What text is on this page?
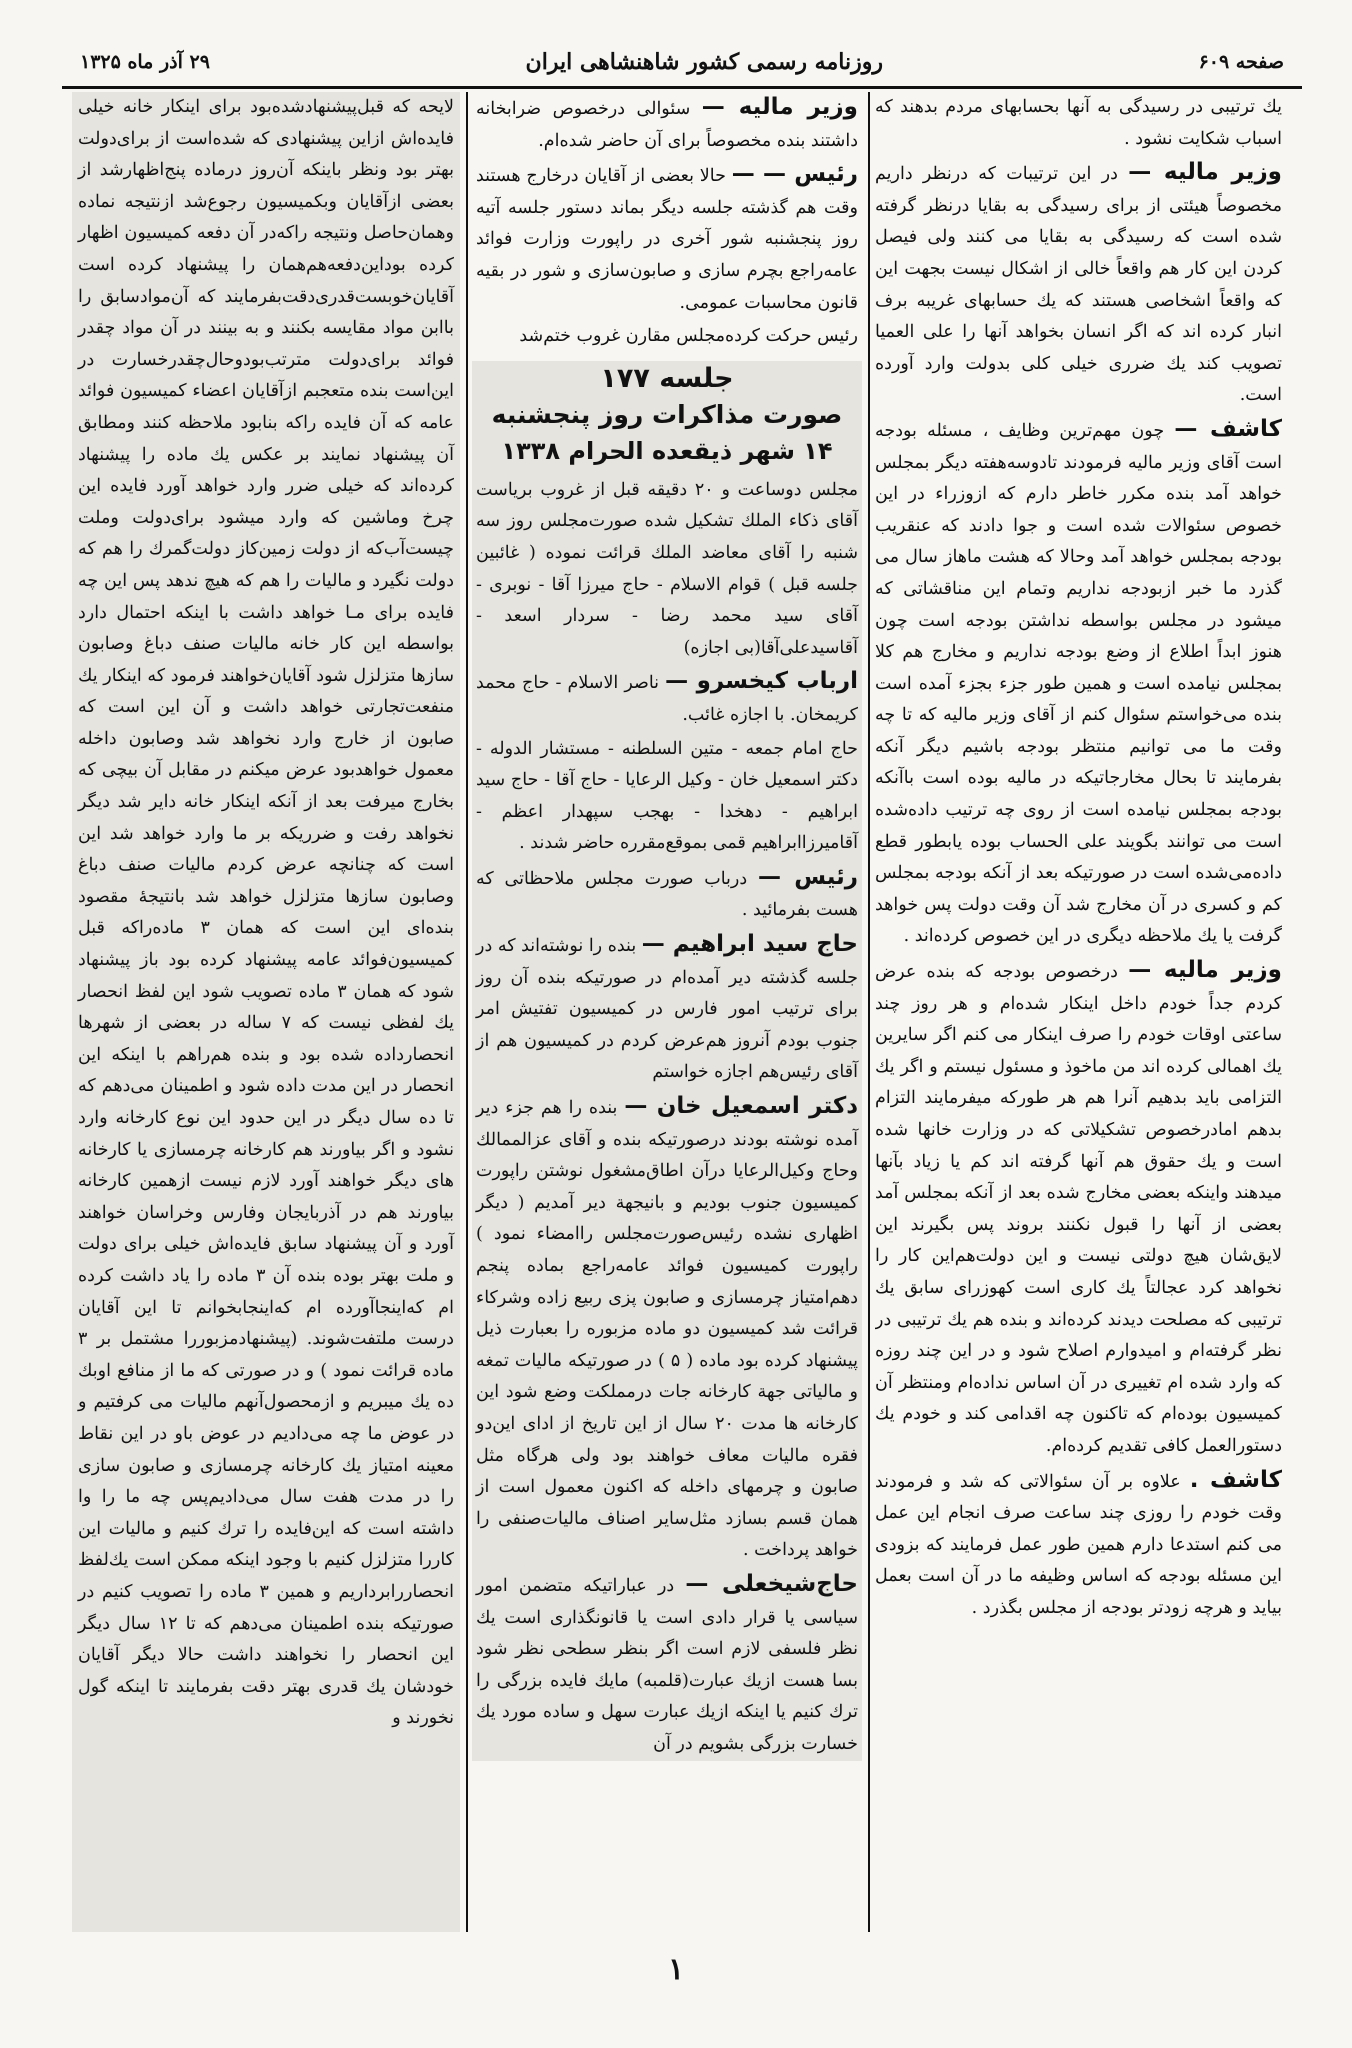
صفحه ۶۰۹
روزنامه رسمی کشور شاهنشاهی ایران
۲۹ آذر ماه ۱۳۲۵

یك ترتیبی در رسیدگی به آنها بحسابهای مردم بدهند که اسباب شکایت نشود .

وزیر مالیه — در این ترتیبات که درنظر داریم مخصوصاً هیئتی از برای رسیدگی به بقایا درنظر گرفته شده است که رسیدگی به بقایا می کنند ولی فیصل کردن این کار هم واقعاً خالی از اشکال نیست بجهت این که واقعاً اشخاصی هستند که یك حسابهای غریبه برف انبار کرده اند که اگر انسان بخواهد آنها را علی العمیا تصویب کند یك ضرری خیلی کلی بدولت وارد آورده است.

کاشف — چون مهم‌ترین وظایف ، مسئله بودجه است آقای وزیر مالیه فرمودند تادوسه‌هفته دیگر بمجلس خواهد آمد بنده مکرر خاطر دارم که ازوزراء در این خصوص سئوالات شده است و جوا دادند که عنقریب بودجه بمجلس خواهد آمد وحالا که هشت ماهاز سال می گذرد ما خبر ازبودجه نداریم وتمام این مناقشاتی که میشود در مجلس بواسطه نداشتن بودجه است چون هنوز ابداً اطلاع از وضع بودجه نداریم و مخارج هم کلا بمجلس نیامده است و همین طور جزء بجزء آمده است بنده می‌خواستم سئوال کنم از آقای وزیر مالیه که تا چه وقت ما می توانیم منتظر بودجه باشیم دیگر آنکه بفرمایند تا بحال مخارجاتیکه در مالیه بوده است باآنکه بودجه بمجلس نیامده است از روی چه ترتیب داده‌شده است می توانند بگویند علی الحساب بوده یابطور قطع داده‌می‌شده است در صورتیکه بعد از آنکه بودجه بمجلس کم و کسری در آن مخارج شد آن وقت دولت پس خواهد گرفت یا یك ملاحظه دیگری در این خصوص کرده‌اند .

وزیر مالیه — درخصوص بودجه که بنده عرض کردم جداً خودم داخل اینکار شده‌ام و هر روز چند ساعتی اوقات خودم را صرف اینکار می کنم اگر سایرین یك اهمالی کرده اند من ماخوذ و مسئول نیستم و اگر یك التزامی باید بدهیم آنرا هم هر طورکه میفرمایند التزام بدهم امادرخصوص تشکیلاتی که در وزارت خانها شده است و یك حقوق هم آنها گرفته اند کم یا زیاد بآنها میدهند واینکه بعضی مخارج شده بعد از آنکه بمجلس آمد بعضی از آنها را قبول نکنند بروند پس بگیرند این لایق‌شان هیچ دولتی نیست و این دولت‌هم‌این کار را نخواهد کرد عجالتاً یك کاری است کهوزرای سابق یك ترتیبی که مصلحت دیدند کرده‌اند و بنده هم یك ترتیبی در نظر گرفته‌ام و امیدوارم اصلاح شود و در این چند روزه که وارد شده ام تغییری در آن اساس نداده‌ام ومنتظر آن کمیسیون بوده‌ام که تاکنون چه اقدامی کند و خودم یك دستورالعمل کافی تقدیم کرده‌ام.

کاشف . علاوه بر آن سئوالاتی که شد و فرمودند وقت خودم را روزی چند ساعت صرف انجام این عمل می کنم استدعا دارم همین طور عمل فرمایند که بزودی این مسئله بودجه که اساس وظیفه ما در آن است بعمل بیاید و هرچه زودتر بودجه از مجلس بگذرد .

وزیر مالیه — سئوالی درخصوص ضرابخانه داشتند بنده مخصوصاً برای آن حاضر شده‌ام.

رئیس — — حالا بعضی از آقایان درخارج هستند وقت هم گذشته جلسه دیگر بماند دستور جلسه آتیه روز پنجشنبه شور آخری در راپورت وزارت فوائد عامه‌راجع بچرم سازی و صابون‌سازی و شور در بقیه قانون محاسبات عمومی.

رئیس حرکت کرده‌مجلس مقارن غروب ختم‌شد

جلسه ۱۷۷
صورت مذاکرات روز پنجشنبه
۱۴ شهر ذیقعده الحرام ۱۳۳۸

مجلس دوساعت و ۲۰ دقیقه قبل از غروب بریاست آقای ذکاء الملك تشکیل شده صورت‌مجلس روز سه شنبه را آقای معاضد الملك قرائت نموده ( غائبین جلسه قبل ) قوام الاسلام - حاج میرزا آقا - نوبری - آقای سید محمد رضا - سردار اسعد - آقاسیدعلی‌آقا(بی اجازه)

ارباب کیخسرو — ناصر الاسلام - حاج محمد کریمخان. با اجازه غائب.

حاج امام جمعه - متین السلطنه - مستشار الدوله - دکتر اسمعیل خان - وکیل الرعایا - حاج آقا - حاج سید ابراهیم - دهخدا - بهجب سپهدار اعظم - آقامیرزاابراهیم قمی بموقع‌مقرره حاضر شدند .

رئیس — درباب صورت مجلس ملاحظاتی که هست بفرمائید .

حاج سید ابراهیم — بنده را نوشته‌اند که در جلسه گذشته دیر آمده‌ام در صورتیکه بنده آن روز برای ترتیب امور فارس در کمیسیون تفتیش امر جنوب بودم آنروز هم‌عرض کردم در کمیسیون هم از آقای رئیس‌هم اجازه خواستم

دکتر اسمعیل خان — بنده را هم جزء دیر آمده نوشته بودند درصورتیکه بنده و آقای عزالممالك وحاج وکیل‌الرعایا درآن اطاق‌مشغول نوشتن راپورت کمیسیون جنوب بودیم و بانیجهة دیر آمدیم ( دیگر اظهاری نشده رئیس‌صورت‌مجلس راامضاء نمود ) راپورت کمیسیون فوائد عامه‌راجع بماده پنجم دهم‌امتیاز چرمسازی و صابون پزی ربیع زاده وشرکاء قرائت شد کمیسیون دو ماده مزبوره را بعبارت ذیل پیشنهاد کرده بود ماده ( ۵ ) در صورتیکه مالیات تمغه و مالیاتی جهة کارخانه جات درمملکت وضع شود این کارخانه ها مدت ۲۰ سال از این تاریخ از ادای این‌دو فقره مالیات معاف خواهند بود ولی هرگاه مثل صابون و چرمهای داخله که اکنون معمول است از همان قسم بسازد مثل‌سایر اصناف مالیات‌صنفی را خواهد پرداخت .

حاج‌شیخعلی — در عباراتیکه متضمن امور سیاسی یا قرار دادی است یا قانونگذاری است یك نظر فلسفی لازم است اگر بنظر سطحی نظر شود بسا هست ازیك عبارت(قلمبه) مایك فایده بزرگی را ترك کنیم یا اینکه ازیك عبارت سهل و ساده مورد یك خسارت بزرگی بشویم در آن

لایحه که قبل‌پیشنهاد‌شده‌بود برای اینکار خانه خیلی فایده‌اش ازاین پیشنهادی که شده‌است از برای‌دولت بهتر بود ونظر باینکه آن‌روز درماده پنج‌اظهار‌شد از بعضی ازآقایان وبکمیسیون رجوع‌شد ازنتیجه نماده وهمان‌حاصل ونتیجه راکه‌در آن دفعه کمیسیون اظهار کرده بود‌این‌دفعه‌هم‌همان را پیشنهاد کرده است آقایان‌خوبست‌قدری‌دقت‌بفرمایند که آن‌موادسابق را باابن مواد مقایسه بکنند و به بینند در آن مواد چقدر فوائد برای‌دولت مترتب‌بود‌وحال‌چقدرخسارت در این‌است بنده متعجبم ازآقایان اعضاء کمیسیون فوائد عامه که آن فایده راکه بنابود ملاحظه کنند ومطابق آن پیشنهاد نمایند بر عکس یك ماده را پیشنهاد کرده‌اند که خیلی ضرر وارد خواهد آورد فایده این چرخ وماشین که وارد میشود برای‌دولت وملت چیست‌آب‌که از دولت زمین‌کاز دولت‌گمرك را هم که دولت نگیرد و مالیات را هم که هیچ ندهد پس این چه فایده برای مـا خواهد داشت با اینکه احتمال دارد بواسطه این کار خانه مالیات صنف دباغ وصابون سازها متزلزل شود آقایان‌خواهند فرمود که اینکار یك منفعت‌تجارتی خواهد داشت و آن این است که صابون از خارج وارد نخواهد شد وصابون داخله معمول خواهد‌بود عرض میکنم در مقابل آن بیچی که بخارج میرفت بعد از آنکه اینکار خانه دایر شد دیگر نخواهد رفت و ضرریکه بر ما وارد خواهد شد این است که چنانچه عرض کردم مالیات صنف دباغ وصابون سازها متزلزل خواهد شد بانتیجهٔ مقصود بنده‌ای این است که همان ۳ ماده‌راکه قبل کمیسیون‌فوائد عامه پیشنهاد کرده بود باز پیشنهاد شود که همان ۳ ماده تصویب شود این لفظ انحصار یك لفظی نیست که ۷ ساله در بعضی از شهرها انحصارداده شده بود و بنده هم‌راهم با اینکه این انحصار در این مدت داده شود و اطمینان می‌دهم که تا ده سال دیگر در این حدود این نوع کارخانه وارد نشود و اگر بیاورند هم کارخانه چرمسازی یا کارخانه های دیگر خواهند آورد لازم نیست ازهمین کارخانه بیاورند هم در آذربایجان وفارس وخراسان خواهند آورد و آن پیشنهاد سابق فایده‌اش خیلی برای دولت و ملت بهتر بوده بنده آن ۳ ماده را یاد داشت کرده ام که‌اینجا‌آورده ام که‌اینجابخوانم تا این آقایان درست ملتفت‌شوند. (پیشنهادمزبوررا مشتمل بر ۳ ماده قرائت نمود ) و در صورتی که ما از منافع اوبك ده یك میبریم و ازمحصول‌آنهم مالیات می کرفتیم و در عوض ما چه می‌دادیم در عوض باو در این نقاط معینه امتیاز یك کارخانه چرمسازی و صابون سازی را در مدت هفت سال می‌دادیم‌پس چه ما را وا داشته است که این‌فایده را ترك کنیم و مالیات این کاررا متزلزل کنیم با وجود اینکه ممکن است یك‌لفظ انحصاررابرداریم و همین ۳ ماده را تصویب کنیم در صورتیکه بنده اطمینان می‌دهم که تا ۱۲ سال دیگر این انحصار را نخواهند داشت حالا دیگر آقایان خودشان یك قدری بهتر دقت بفرمایند تا اینکه گول نخورند و

۱
